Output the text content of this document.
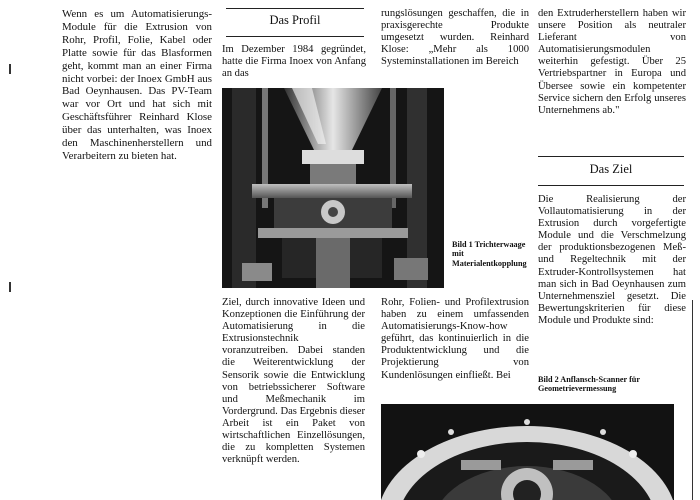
Wenn es um Automatisierungs-Module für die Extrusion von Rohr, Profil, Folie, Kabel oder Platte sowie für das Blasformen geht, kommt man an einer Firma nicht vorbei: der Inoex GmbH aus Bad Oeynhausen. Das PV-Team war vor Ort und hat sich mit Geschäftsführer Reinhard Klose über das unterhalten, was Inoex den Maschinenherstellern und Verarbeitern zu bieten hat.

Das Profil

Im Dezember 1984 gegründet, hatte die Firma Inoex von Anfang an das

Bild 1 Trichterwaage mit Materialentkopplung

Ziel, durch innovative Ideen und Konzeptionen die Einführung der Automatisierung in die Extrusionstechnik voranzutreiben. Dabei standen die Weiterentwicklung der Sensorik sowie die Entwicklung von betriebssicherer Software und Meßmechanik im Vordergrund. Das Ergebnis dieser Arbeit ist ein Paket von wirtschaftlichen Einzellösungen, die zu kompletten Systemen verknüpft werden.

rungslösungen geschaffen, die in praxisgerechte Produkte umgesetzt wurden. Reinhard Klose: „Mehr als 1000 Systeminstallationen im Bereich

Rohr, Folien- und Profilextrusion haben zu einem umfassenden Automatisierungs-Know-how geführt, das kontinuierlich in die Produktentwicklung und die Projektierung von Kundenlösungen einfließt. Bei

den Extruderherstellern haben wir unsere Position als neutraler Lieferant von Automatisierungsmodulen weiterhin gefestigt. Über 25 Vertriebspartner in Europa und Übersee sowie ein kompetenter Service sichern den Erfolg unseres Unternehmens ab."

Das Ziel

Die Realisierung der Vollautomatisierung in der Extrusion durch vorgefertigte Module und die Verschmelzung der produktionsbezogenen Meß- und Regeltechnik mit der Extruder-Kontrollsystemen hat man sich in Bad Oeynhausen zum Unternehmensziel gesetzt. Die Bewertungskriterien für diese Module und Produkte sind:

Bild 2 Anflansch-Scanner für Geometrievermessung
